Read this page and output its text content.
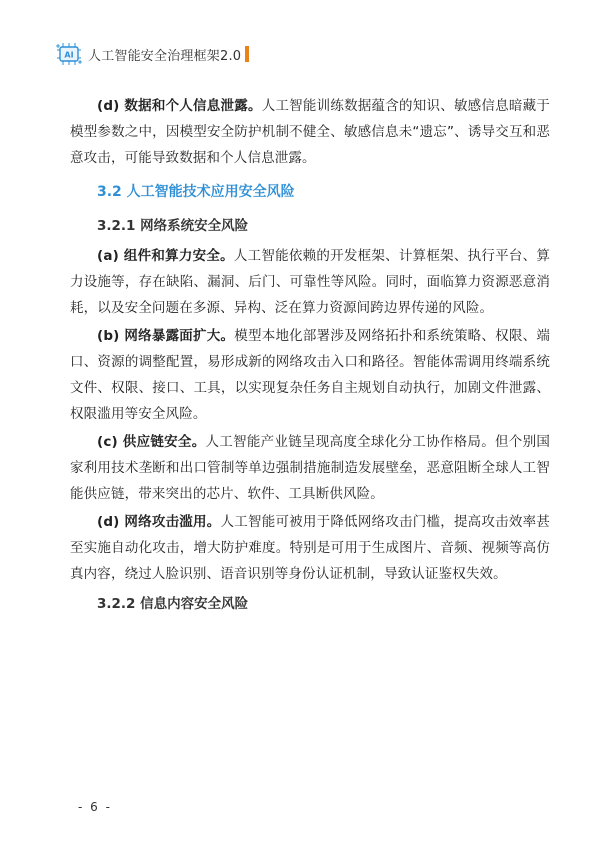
AI 人工智能安全治理框架2.0

(d) 数据和个人信息泄露。人工智能训练数据蕴含的知识、敏感信息暗藏于模型参数之中，因模型安全防护机制不健全、敏感信息未“遗忘”、诱导交互和恶意攻击，可能导致数据和个人信息泄露。

3.2 人工智能技术应用安全风险
3.2.1 网络系统安全风险

(a) 组件和算力安全。人工智能依赖的开发框架、计算框架、执行平台、算力设施等，存在缺陷、漏洞、后门、可靠性等风险。同时，面临算力资源恶意消耗，以及安全问题在多源、异构、泛在算力资源间跨边界传递的风险。

(b) 网络暴露面扩大。模型本地化部署涉及网络拓扑和系统策略、权限、端口、资源的调整配置，易形成新的网络攻击入口和路径。智能体需调用终端系统文件、权限、接口、工具，以实现复杂任务自主规划自动执行，加剧文件泄露、权限滥用等安全风险。

(c) 供应链安全。人工智能产业链呈现高度全球化分工协作格局。但个别国家利用技术垄断和出口管制等单边强制措施制造发展壁垒，恶意阻断全球人工智能供应链，带来突出的芯片、软件、工具断供风险。

(d) 网络攻击滥用。人工智能可被用于降低网络攻击门槛，提高攻击效率甚至实施自动化攻击，增大防护难度。特别是可用于生成图片、音频、视频等高仿真内容，绕过人脸识别、语音识别等身份认证机制，导致认证鉴权失效。

3.2.2 信息内容安全风险
- 6 -
